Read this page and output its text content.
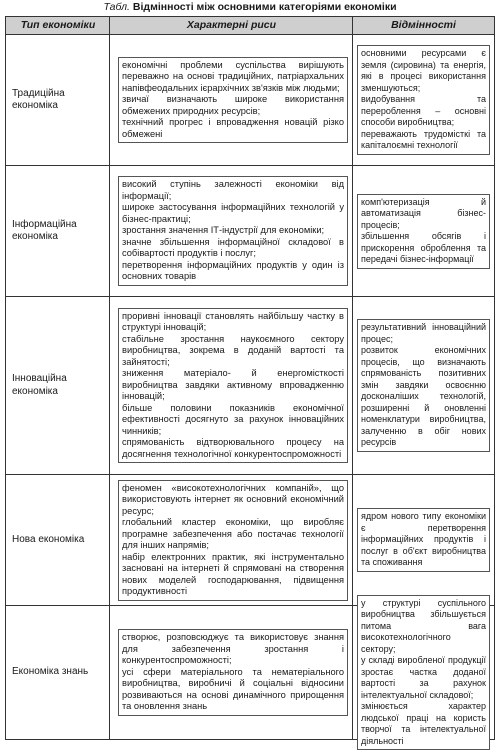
Табл. Відмінності між основними категоріями економіки
Тип економіки	Характерні риси	Відмінності
Традиційна економіка
економічні проблеми суспільства вирішують переважно на основі традиційних, патріархальних напівфеодальних ієрархічних зв'язків між людьми;
звичаї визначають широке використання обмежених природних ресурсів;
технічний прогрес і впровадження новацій різко обмежені
основними ресурсами є земля (сировина) та енергія, які в процесі використання зменшуються;
видобування та перероблення – основні способи виробництва;
переважають трудомісткі та капіталоємні технології
Інформаційна економіка
високий ступінь залежності економіки від інформації;
широке застосування інформаційних технологій у бізнес-практиці;
зростання значення ІТ-індустрії для економіки;
значне збільшення інформаційної складової в собівартості продуктів і послуг;
перетворення інформаційних продуктів у один із основних товарів
комп'ютеризація й автоматизація бізнес-процесів;
збільшення обсягів і прискорення оброблення та передачі бізнес-інформації
Інноваційна економіка
проривні інновації становлять найбільшу частку в структурі інновацій;
стабільне зростання наукоємного сектору виробництва, зокрема в доданій вартості та зайнятості;
зниження матеріало- й енергомісткості виробництва завдяки активному впровадженню інновацій;
більше половини показників економічної ефективності досягнуто за рахунок інноваційних чинників;
спрямованість відтворювального процесу на досягнення технологічної конкурентоспроможності
результативний інноваційний процес;
розвиток економічних процесів, що визначають спрямованість позитивних змін завдяки освоєнню досконаліших технологій, розширенні й оновленні номенклатури виробництва, залученню в обіг нових ресурсів
Нова економіка
феномен «високотехнологічних компаній», що використовують інтернет як основний економічний ресурс;
глобальний кластер економіки, що виробляє програмне забезпечення або постачає технології для інших напрямів;
набір електронних практик, які інструментально засновані на інтернеті й спрямовані на створення нових моделей господарювання, підвищення продуктивності
ядром нового типу економіки є перетворення інформаційних продуктів і послуг в об'єкт виробництва та споживання
Економіка знань
створює, розповсюджує та використовує знання для забезпечення зростання і конкурентоспроможності;
усі сфери матеріального та нематеріального виробництва, виробничі й соціальні відносини розвиваються на основі динамічного прирощення та оновлення знань
у структурі суспільного виробництва збільшується питома вага високотехнологічного сектору;
у складі виробленої продукції зростає частка доданої вартості за рахунок інтелектуальної складової;
змінюється характер людської праці на користь творчої та інтелектуальної діяльності
